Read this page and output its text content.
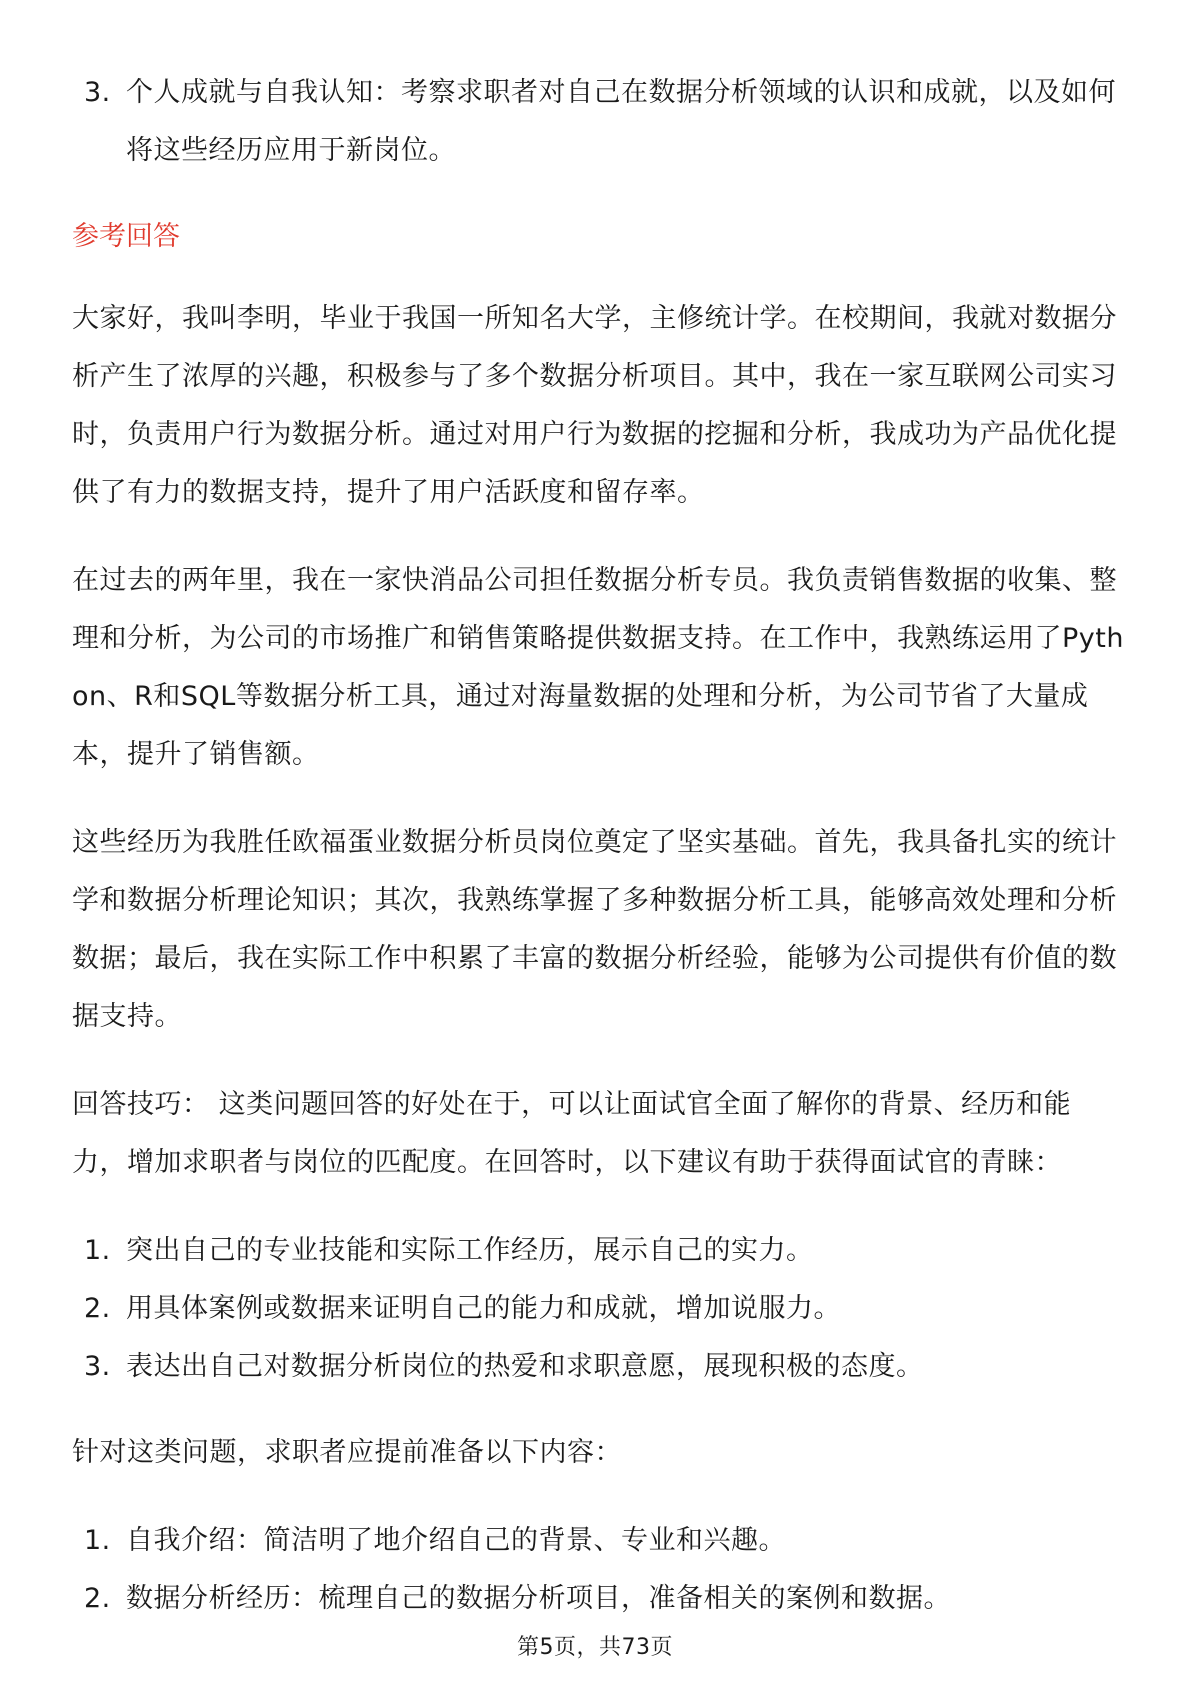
3. 个人成就与自我认知：考察求职者对自己在数据分析领域的认识和成就，以及如何将这些经历应用于新岗位。
参考回答

大家好，我叫李明，毕业于我国一所知名大学，主修统计学。在校期间，我就对数据分析产生了浓厚的兴趣，积极参与了多个数据分析项目。其中，我在一家互联网公司实习时，负责用户行为数据分析。通过对用户行为数据的挖掘和分析，我成功为产品优化提供了有力的数据支持，提升了用户活跃度和留存率。

在过去的两年里，我在一家快消品公司担任数据分析专员。我负责销售数据的收集、整理和分析，为公司的市场推广和销售策略提供数据支持。在工作中，我熟练运用了Python、R和SQL等数据分析工具，通过对海量数据的处理和分析，为公司节省了大量成本，提升了销售额。

这些经历为我胜任欧福蛋业数据分析员岗位奠定了坚实基础。首先，我具备扎实的统计学和数据分析理论知识；其次，我熟练掌握了多种数据分析工具，能够高效处理和分析数据；最后，我在实际工作中积累了丰富的数据分析经验，能够为公司提供有价值的数据支持。

回答技巧： 这类问题回答的好处在于，可以让面试官全面了解你的背景、经历和能力，增加求职者与岗位的匹配度。在回答时，以下建议有助于获得面试官的青睐：

1. 突出自己的专业技能和实际工作经历，展示自己的实力。
2. 用具体案例或数据来证明自己的能力和成就，增加说服力。
3. 表达出自己对数据分析岗位的热爱和求职意愿，展现积极的态度。

针对这类问题，求职者应提前准备以下内容：

1. 自我介绍：简洁明了地介绍自己的背景、专业和兴趣。
2. 数据分析经历：梳理自己的数据分析项目，准备相关的案例和数据。
第5页，共73页
